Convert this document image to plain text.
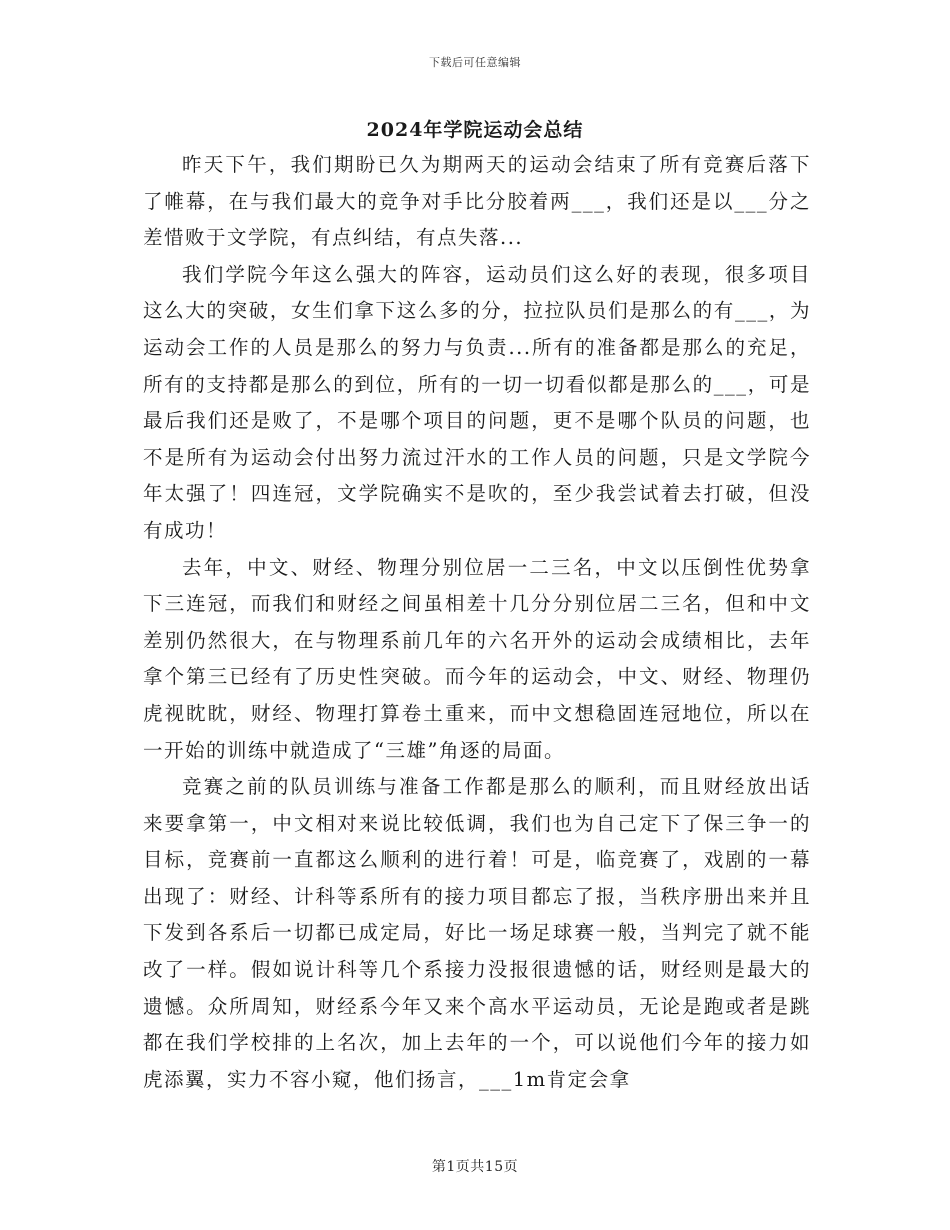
下载后可任意编辑
2024年学院运动会总结

昨天下午，我们期盼已久为期两天的运动会结束了所有竞赛后落下了帷幕，在与我们最大的竞争对手比分胶着两___，我们还是以___分之差惜败于文学院，有点纠结，有点失落...

我们学院今年这么强大的阵容，运动员们这么好的表现，很多项目这么大的突破，女生们拿下这么多的分，拉拉队员们是那么的有___，为运动会工作的人员是那么的努力与负责...所有的准备都是那么的充足，所有的支持都是那么的到位，所有的一切一切看似都是那么的___，可是最后我们还是败了，不是哪个项目的问题，更不是哪个队员的问题，也不是所有为运动会付出努力流过汗水的工作人员的问题，只是文学院今年太强了！四连冠，文学院确实不是吹的，至少我尝试着去打破，但没有成功！

去年，中文、财经、物理分别位居一二三名，中文以压倒性优势拿下三连冠，而我们和财经之间虽相差十几分分别位居二三名，但和中文差别仍然很大，在与物理系前几年的六名开外的运动会成绩相比，去年拿个第三已经有了历史性突破。而今年的运动会，中文、财经、物理仍虎视眈眈，财经、物理打算卷土重来，而中文想稳固连冠地位，所以在一开始的训练中就造成了“三雄”角逐的局面。

竞赛之前的队员训练与准备工作都是那么的顺利，而且财经放出话来要拿第一，中文相对来说比较低调，我们也为自己定下了保三争一的目标，竞赛前一直都这么顺利的进行着！可是，临竞赛了，戏剧的一幕出现了：财经、计科等系所有的接力项目都忘了报，当秩序册出来并且下发到各系后一切都已成定局，好比一场足球赛一般，当判完了就不能改了一样。假如说计科等几个系接力没报很遗憾的话，财经则是最大的遗憾。众所周知，财经系今年又来个高水平运动员，无论是跑或者是跳都在我们学校排的上名次，加上去年的一个，可以说他们今年的接力如虎添翼，实力不容小窥，他们扬言，___1m肯定会拿

第1页共15页
